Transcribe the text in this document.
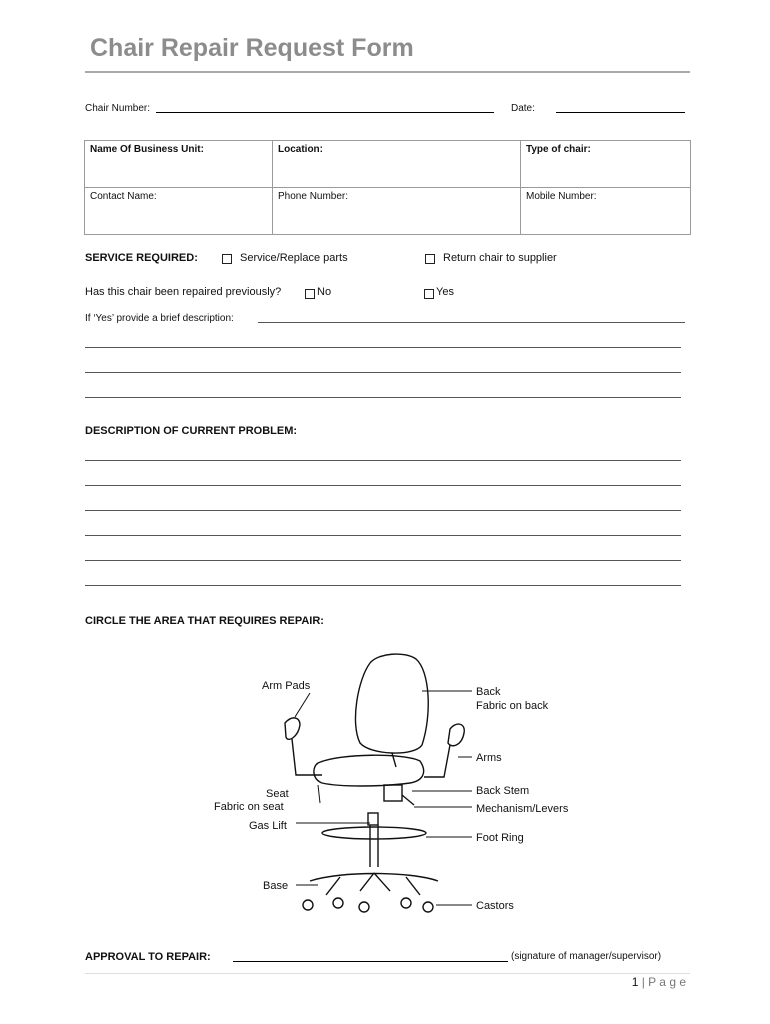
Chair Repair Request Form
Chair Number:	Date:
Name Of Business Unit:	Location:	Type of chair:
Contact Name:	Phone Number:	Mobile Number:
SERVICE REQUIRED:	Service/Replace parts	Return chair to supplier
Has this chair been repaired previously?	No	Yes
If ‘Yes’ provide a brief description:
DESCRIPTION OF CURRENT PROBLEM:
CIRCLE THE AREA THAT REQUIRES REPAIR:
Arm Pads
Seat
Fabric on seat
Gas Lift
Base
Back
Fabric on back
Arms
Back Stem
Mechanism/Levers
Foot Ring
Castors
APPROVAL TO REPAIR:	(signature of manager/supervisor)
1 | P a g e
